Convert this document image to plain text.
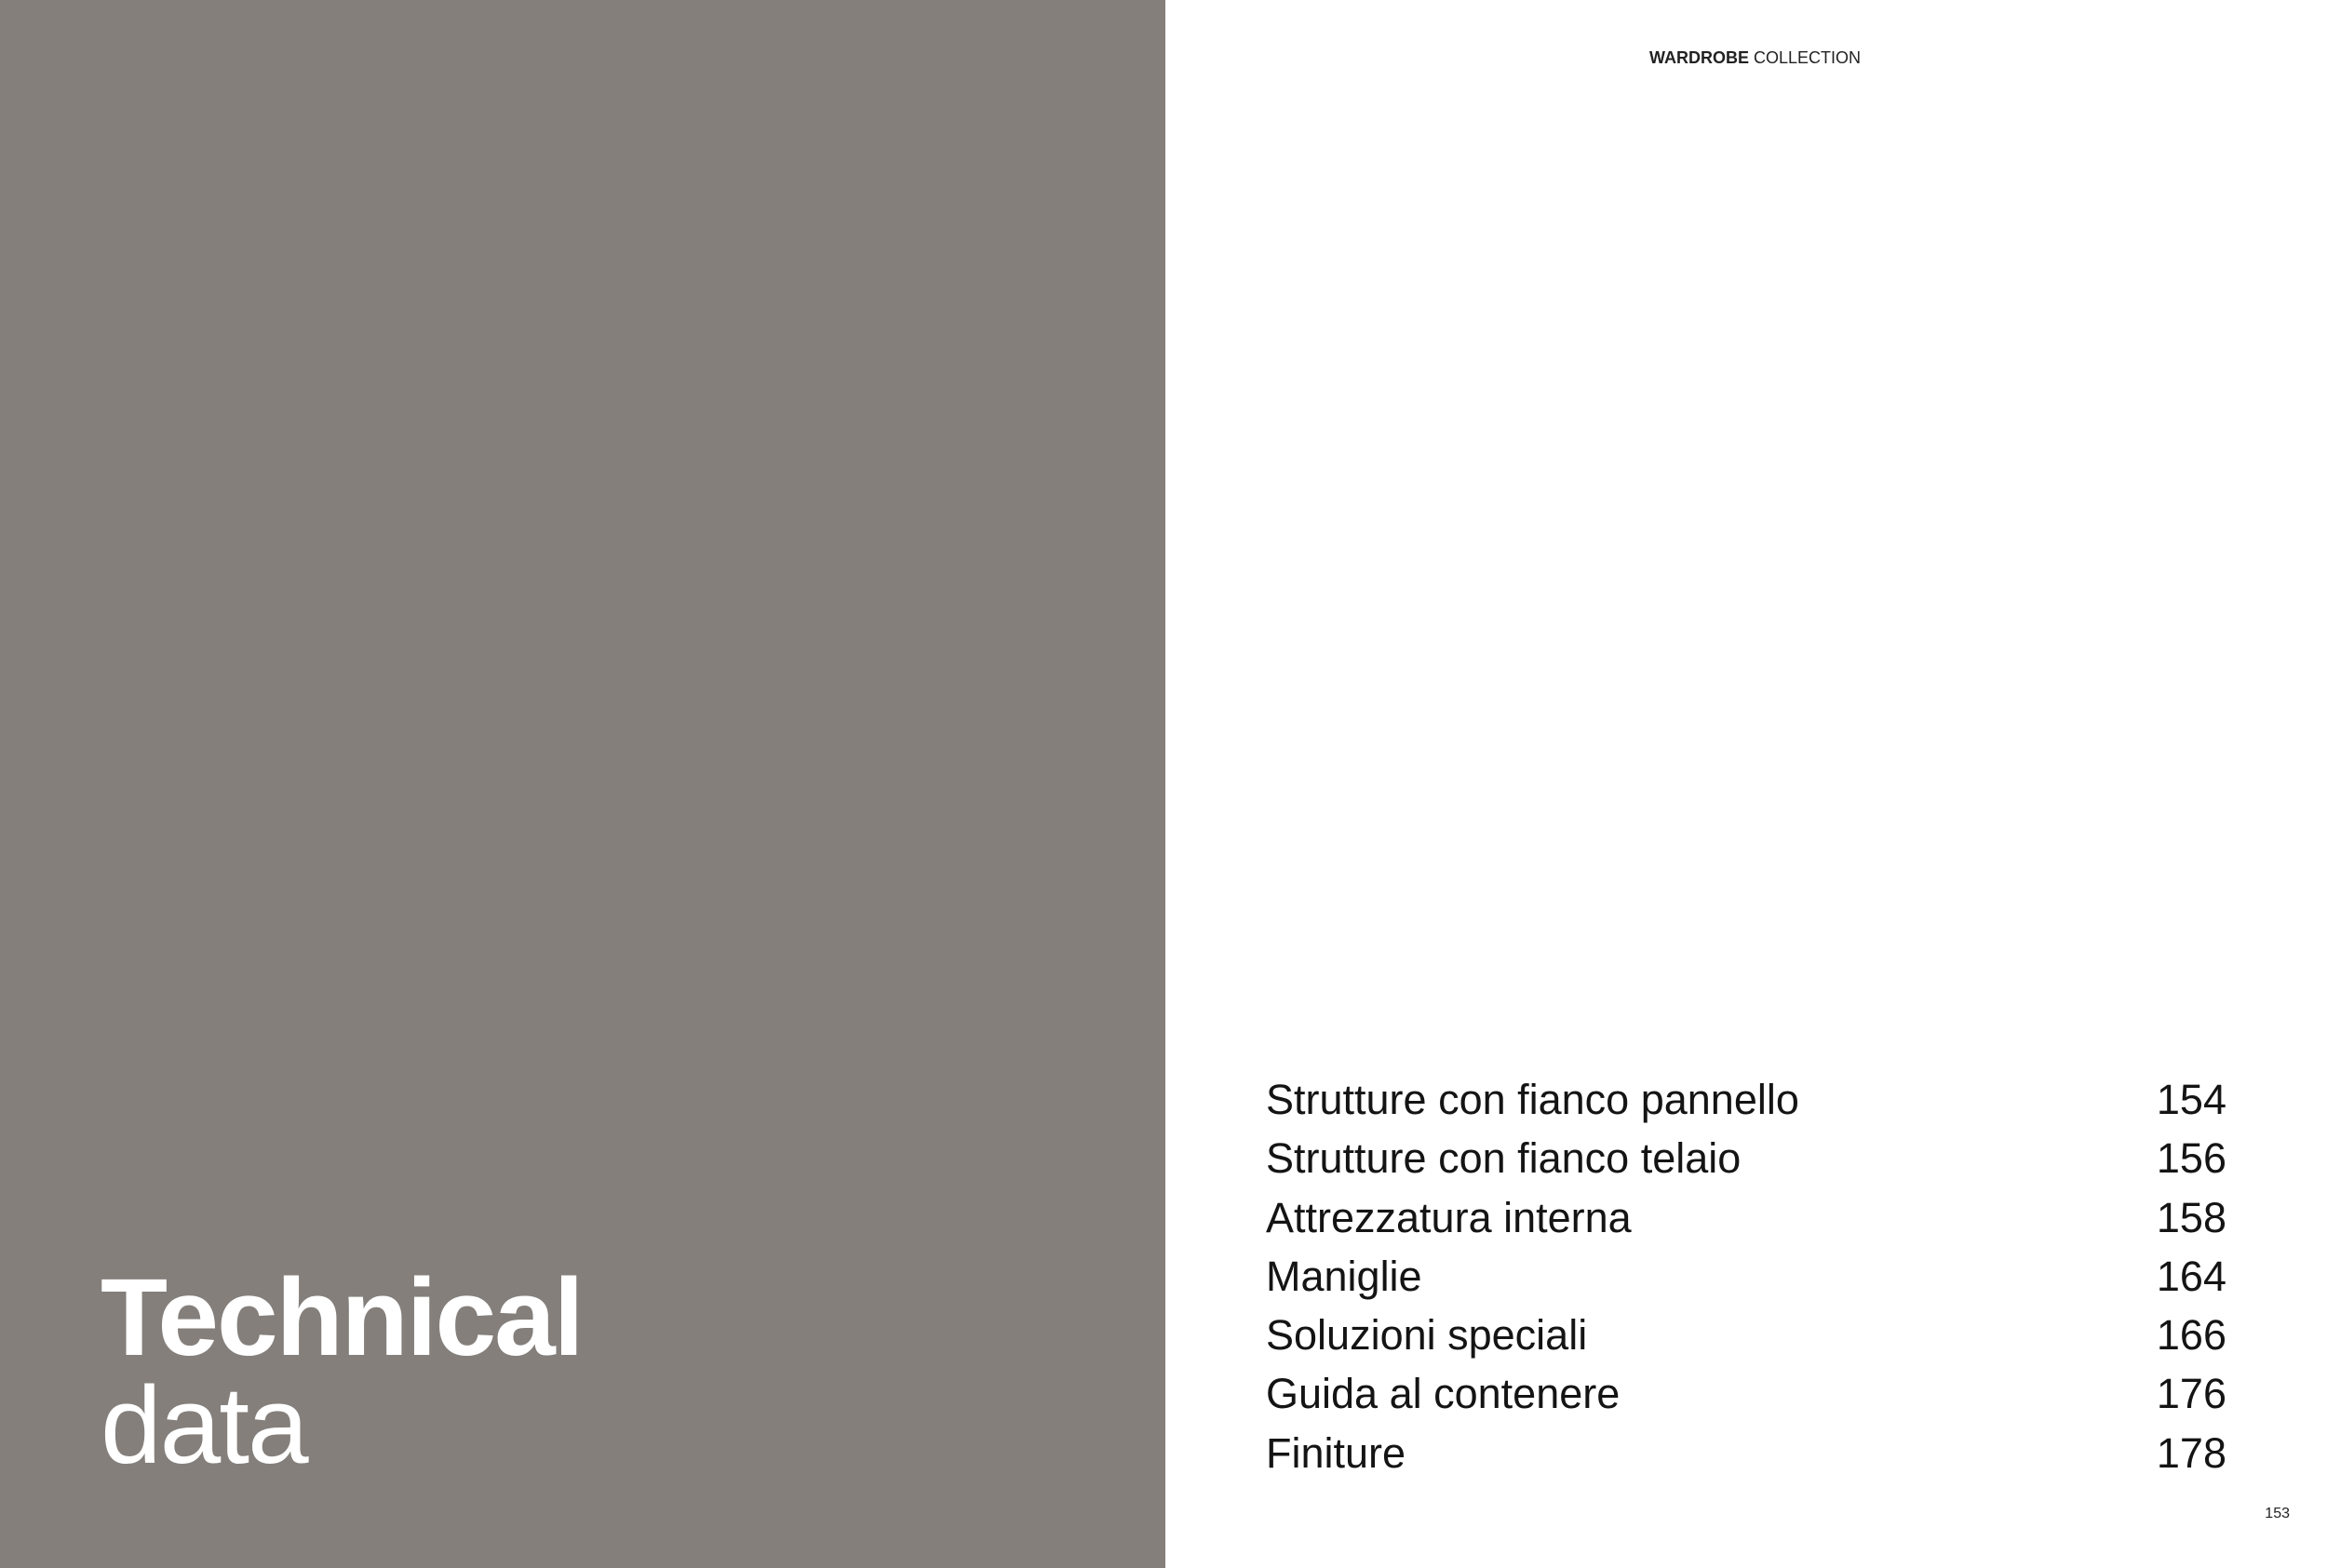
Technical
data
WARDROBE COLLECTION
Strutture con fianco pannello	154
Strutture con fianco telaio	156
Attrezzatura interna	158
Maniglie	164
Soluzioni speciali	166
Guida al contenere	176
Finiture	178
153
